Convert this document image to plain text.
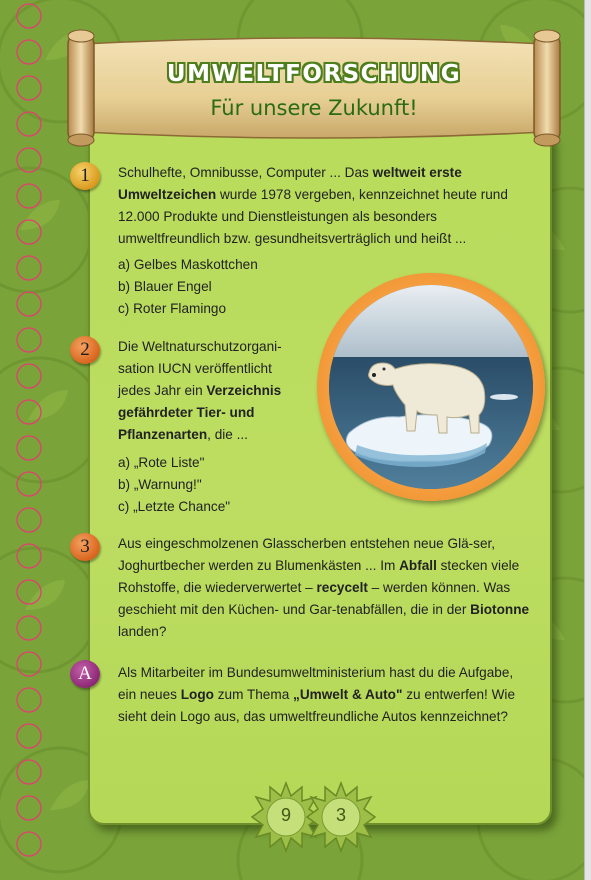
UMWELTFORSCHUNG
Für unsere Zukunft!
1	Schulhefte, Omnibusse, Computer ... Das weltweit erste Umweltzeichen wurde 1978 vergeben, kennzeichnet heute rund 12.000 Produkte und Dienstleistungen als besonders umweltfreundlich bzw. gesundheitsverträglich und heißt ...
a) Gelbes Maskottchen
b) Blauer Engel
c) Roter Flamingo
2	Die Weltnaturschutzorgani-sation IUCN veröffentlicht jedes Jahr ein Verzeichnis gefährdeter Tier- und Pflanzenarten, die ...
a) „Rote Liste"
b) „Warnung!"
c) „Letzte Chance"
3	Aus eingeschmolzenen Glasscherben entstehen neue Glä-ser, Joghurtbecher werden zu Blumenkästen ... Im Abfall stecken viele Rohstoffe, die wiederverwertet – recycelt – werden können. Was geschieht mit den Küchen- und Gar-tenabfällen, die in der Biotonne landen?
A	Als Mitarbeiter im Bundesumweltministerium hast du die Aufgabe, ein neues Logo zum Thema „Umwelt & Auto" zu entwerfen! Wie sieht dein Logo aus, das umweltfreundliche Autos kennzeichnet?
9	3
